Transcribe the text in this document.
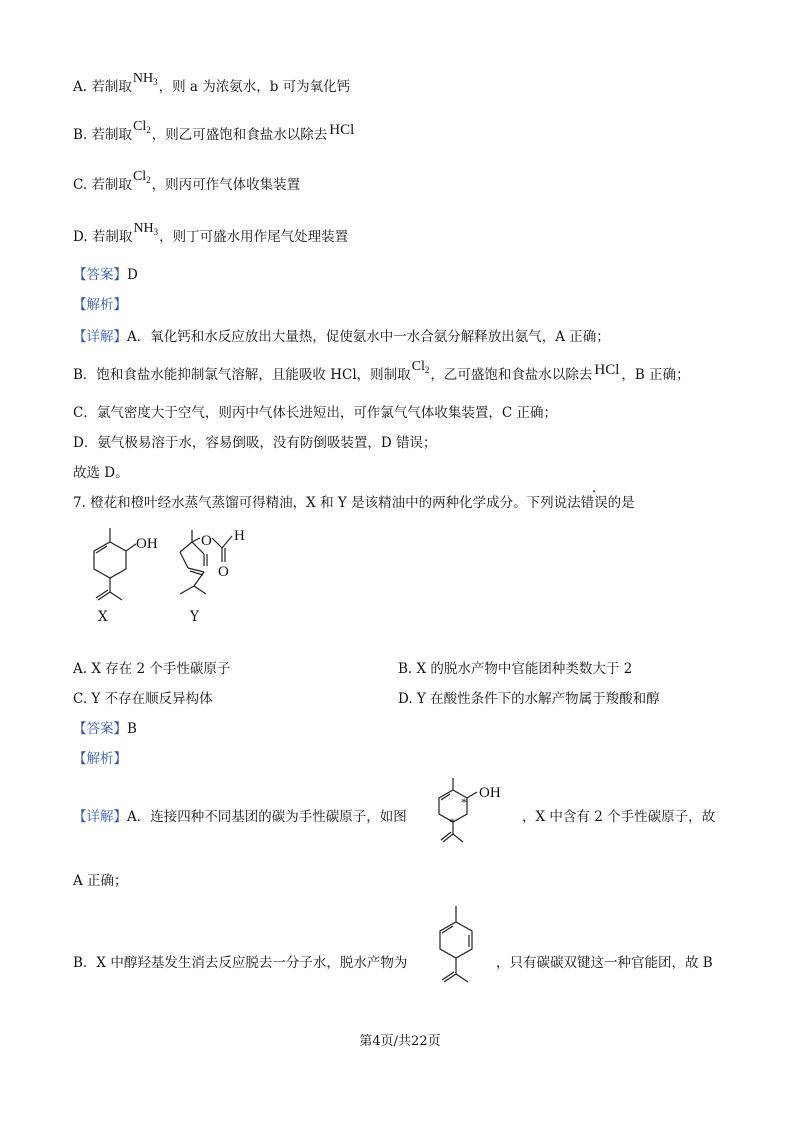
A. 若制取$NH_3$，则 a 为浓氨水，b 可为氧化钙
B. 若制取$Cl_2$，则乙可盛饱和食盐水以除去 HCl
C. 若制取$Cl_2$，则丙可作气体收集装置
D. 若制取$NH_3$，则丁可盛水用作尾气处理装置
【答案】D
【解析】
【详解】A．氧化钙和水反应放出大量热，促使氨水中一水合氨分解释放出氨气，A 正确；
B．饱和食盐水能抑制氯气溶解，且能吸收 HCl，则制取$Cl_2$，乙可盛饱和食盐水以除去 HCl ，B 正确；
C．氯气密度大于空气，则丙中气体长进短出，可作氯气气体收集装置，C 正确；
D．氨气极易溶于水，容易倒吸，没有防倒吸装置，D 错误；
故选 D。
7. 橙花和橙叶经水蒸气蒸馏可得精油，X 和 Y 是该精油中的两种化学成分。下列说法错误的是
OH
X
O H
O
Y
A. X 存在 2 个手性碳原子	B. X 的脱水产物中官能团种类数大于 2
C. Y 不存在顺反异构体	D. Y 在酸性条件下的水解产物属于羧酸和醇
【答案】B
【解析】
【详解】A．连接四种不同基团的碳为手性碳原子，如图
OH
*
*	，X 中含有 2 个手性碳原子，故
A 正确；
B．X 中醇羟基发生消去反应脱去一分子水，脱水产物为	，只有碳碳双键这一种官能团，故 B
第4页/共22页
